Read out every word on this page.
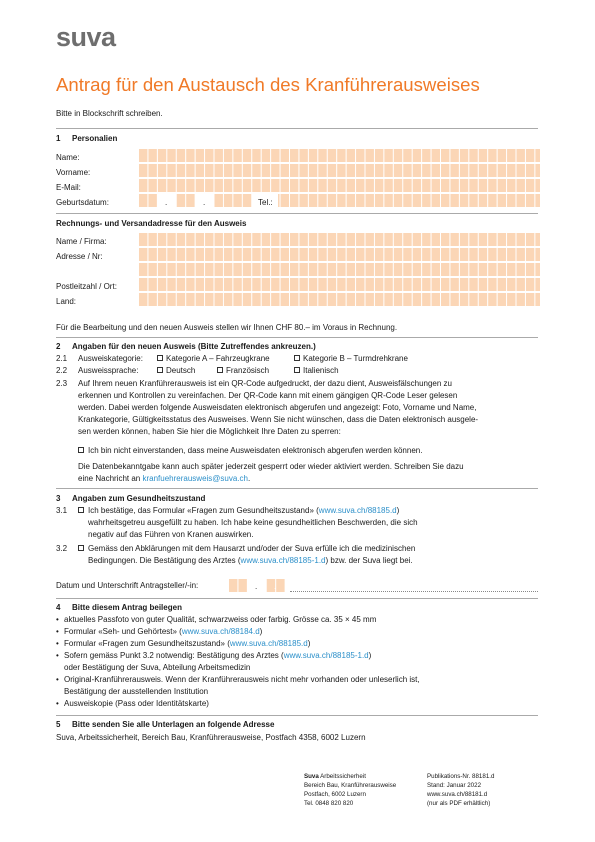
suva
Antrag für den Austausch des Kranführerausweises
Bitte in Blockschrift schreiben.
1 Personalien
Name:
Vorname:
E-Mail:
Geburtsdatum:	.	.	Tel.:
Rechnungs- und Versandadresse für den Ausweis
Name / Firma:
Adresse / Nr:
Postleitzahl / Ort:
Land:
Für die Bearbeitung und den neuen Ausweis stellen wir Ihnen CHF 80.– im Voraus in Rechnung.
2 Angaben für den neuen Ausweis (Bitte Zutreffendes ankreuzen.)
2.1 Ausweiskategorie:	Kategorie A – Fahrzeugkrane	Kategorie B – Turmdrehkrane
2.2 Ausweissprache:	Deutsch	Französisch	Italienisch
2.3 Auf Ihrem neuen Kranführerausweis ist ein QR-Code aufgedruckt, der dazu dient, Ausweisfälschungen zu
erkennen und Kontrollen zu vereinfachen. Der QR-Code kann mit einem gängigen QR-Code Leser gelesen
werden. Dabei werden folgende Ausweisdaten elektronisch abgerufen und angezeigt: Foto, Vorname und Name,
Krankategorie, Gültigkeitsstatus des Ausweises. Wenn Sie nicht wünschen, dass die Daten elektronisch ausgele-
sen werden können, haben Sie hier die Möglichkeit Ihre Daten zu sperren:
Ich bin nicht einverstanden, dass meine Ausweisdaten elektronisch abgerufen werden können.
Die Datenbekanntgabe kann auch später jederzeit gesperrt oder wieder aktiviert werden. Schreiben Sie dazu
eine Nachricht an kranfuehrerausweis@suva.ch.
3 Angaben zum Gesundheitszustand
3.1	Ich bestätige, das Formular «Fragen zum Gesundheitszustand» (www.suva.ch/88185.d)
wahrheitsgetreu ausgefüllt zu haben. Ich habe keine gesundheitlichen Beschwerden, die sich
negativ auf das Führen von Kranen auswirken.
3.2	Gemäss den Abklärungen mit dem Hausarzt und/oder der Suva erfülle ich die medizinischen
Bedingungen. Die Bestätigung des Arztes (www.suva.ch/88185-1.d) bzw. der Suva liegt bei.
Datum und Unterschrift Antragsteller/-in:	. .
4 Bitte diesem Antrag beilegen
• aktuelles Passfoto von guter Qualität, schwarzweiss oder farbig. Grösse ca. 35 × 45 mm
• Formular «Seh- und Gehörtest» (www.suva.ch/88184.d)
• Formular «Fragen zum Gesundheitszustand» (www.suva.ch/88185.d)
• Sofern gemäss Punkt 3.2 notwendig: Bestätigung des Arztes (www.suva.ch/88185-1.d)
oder Bestätigung der Suva, Abteilung Arbeitsmedizin
• Original-Kranführerausweis. Wenn der Kranführerausweis nicht mehr vorhanden oder unleserlich ist,
Bestätigung der ausstellenden Institution
• Ausweiskopie (Pass oder Identitätskarte)
5 Bitte senden Sie alle Unterlagen an folgende Adresse
Suva, Arbeitssicherheit, Bereich Bau, Kranführerausweise, Postfach 4358, 6002 Luzern
Suva Arbeitssicherheit
Bereich Bau, Kranführerausweise
Postfach, 6002 Luzern
Tel. 0848 820 820
Publikations-Nr. 88181.d
Stand: Januar 2022
www.suva.ch/88181.d
(nur als PDF erhältlich)
